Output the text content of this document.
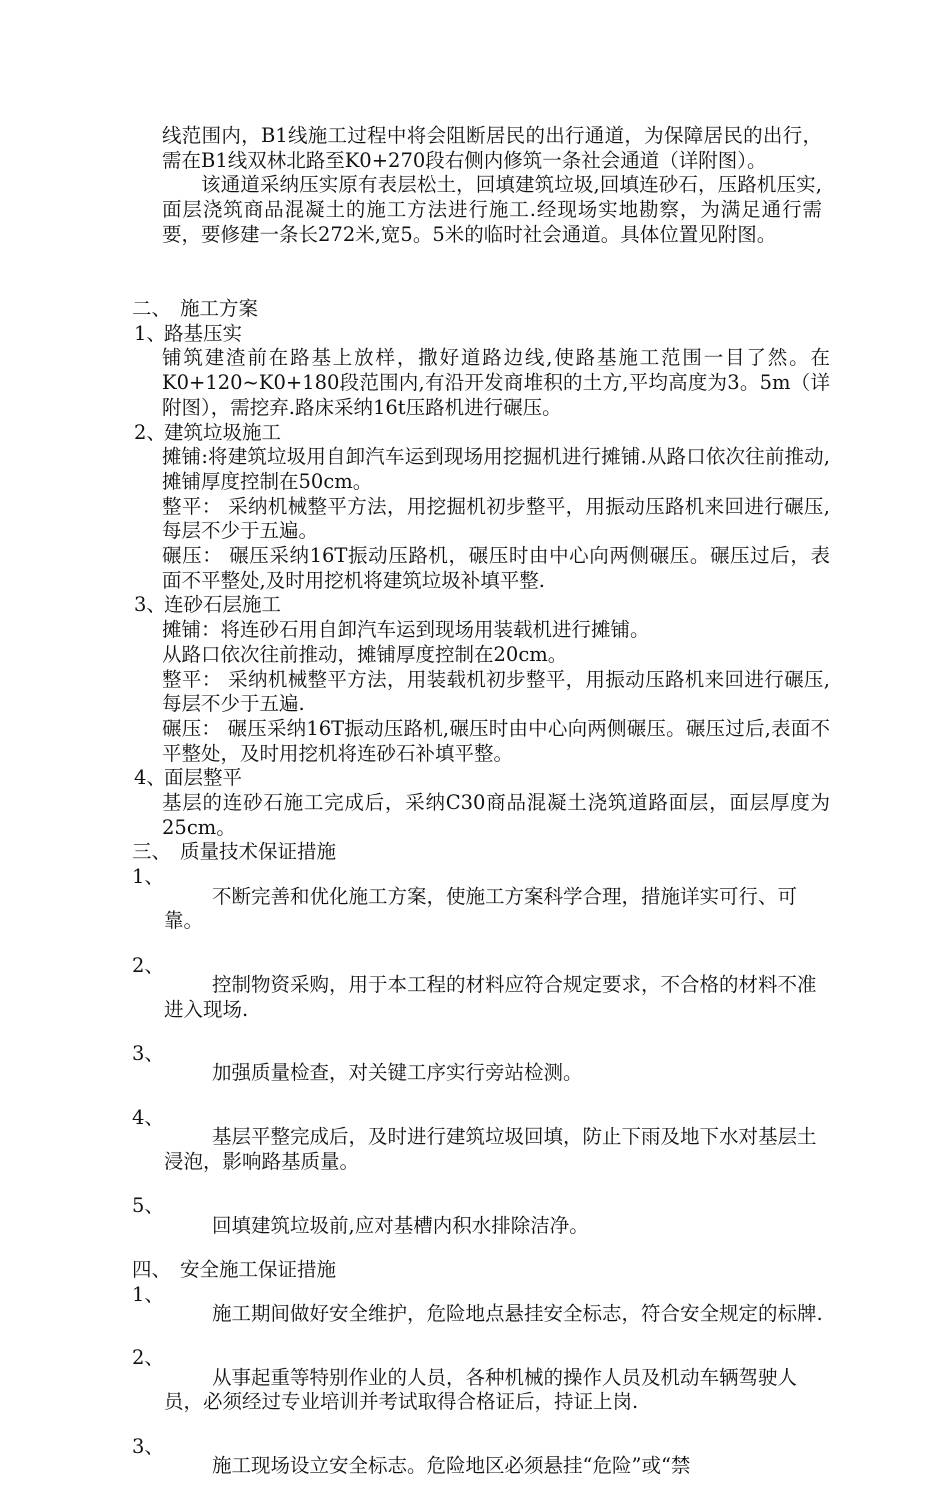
线范围内，B1线施工过程中将会阻断居民的出行通道，为保障居民的出行，需在B1线双林北路至K0+270段右侧内修筑一条社会通道（详附图）。

该通道采纳压实原有表层松土，回填建筑垃圾,回填连砂石，压路机压实,面层浇筑商品混凝土的施工方法进行施工.经现场实地勘察，为满足通行需要，要修建一条长272米,宽5。5米的临时社会通道。具体位置见附图。

二、 施工方案
1、
路基压实

铺筑建渣前在路基上放样，撒好道路边线,使路基施工范围一目了然。在K0+120~K0+180段范围内,有沿开发商堆积的土方,平均高度为3。5m（详附图），需挖弃.路床采纳16t压路机进行碾压。

2、
建筑垃圾施工

摊铺:将建筑垃圾用自卸汽车运到现场用挖掘机进行摊铺.从路口依次往前推动,摊铺厚度控制在50cm。

整平： 采纳机械整平方法，用挖掘机初步整平，用振动压路机来回进行碾压,每层不少于五遍。

碾压： 碾压采纳16T振动压路机，碾压时由中心向两侧碾压。碾压过后，表面不平整处,及时用挖机将建筑垃圾补填平整.

3、
连砂石层施工

摊铺：将连砂石用自卸汽车运到现场用装载机进行摊铺。

从路口依次往前推动，摊铺厚度控制在20cm。

整平： 采纳机械整平方法，用装载机初步整平，用振动压路机来回进行碾压,每层不少于五遍.

碾压： 碾压采纳16T振动压路机,碾压时由中心向两侧碾压。碾压过后,表面不平整处，及时用挖机将连砂石补填平整。

4、
面层整平

基层的连砂石施工完成后，采纳C30商品混凝土浇筑道路面层，面层厚度为25cm。

三、 质量技术保证措施
1、

不断完善和优化施工方案，使施工方案科学合理，措施详实可行、可靠。

2、

控制物资采购，用于本工程的材料应符合规定要求，不合格的材料不准进入现场.

3、

加强质量检查，对关键工序实行旁站检测。

4、

基层平整完成后，及时进行建筑垃圾回填，防止下雨及地下水对基层土浸泡，影响路基质量。

5、

回填建筑垃圾前,应对基槽内积水排除洁净。

四、 安全施工保证措施
1、

施工期间做好安全维护，危险地点悬挂安全标志，符合安全规定的标牌.

2、

从事起重等特别作业的人员，各种机械的操作人员及机动车辆驾驶人员，必须经过专业培训并考试取得合格证后，持证上岗.

3、

施工现场设立安全标志。危险地区必须悬挂“危险”或“禁
